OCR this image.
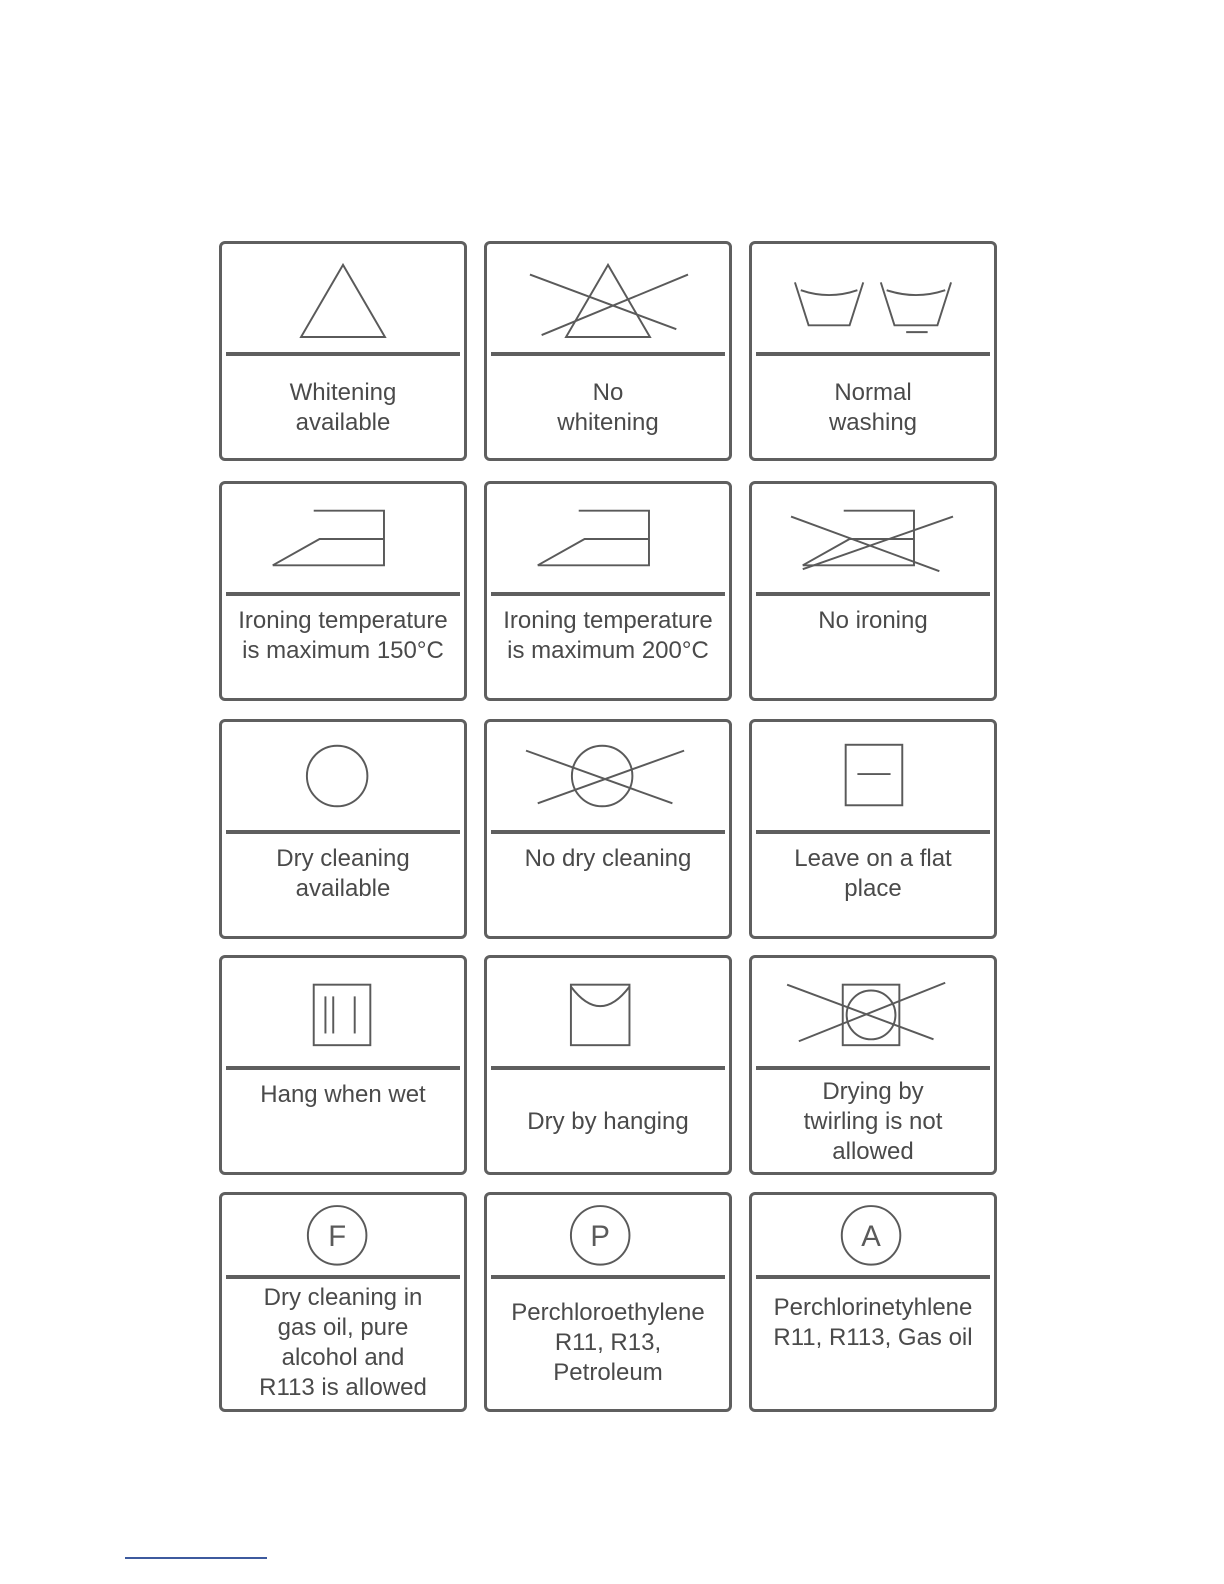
Whitening
available
No
whitening
Normal
washing
Ironing temperature
is maximum 150°C
Ironing temperature
is maximum 200°C
No ironing
Dry cleaning
available
No dry cleaning	Leave on a flat
place
Hang when wet
Dry by hanging
Drying by
twirling is not
allowed
F
Dry cleaning in
gas oil, pure
alcohol and
R113 is allowed
P
Perchloroethylene
R11, R13,
Petroleum
A
Perchlorinetyhlene
R11, R113, Gas oil
